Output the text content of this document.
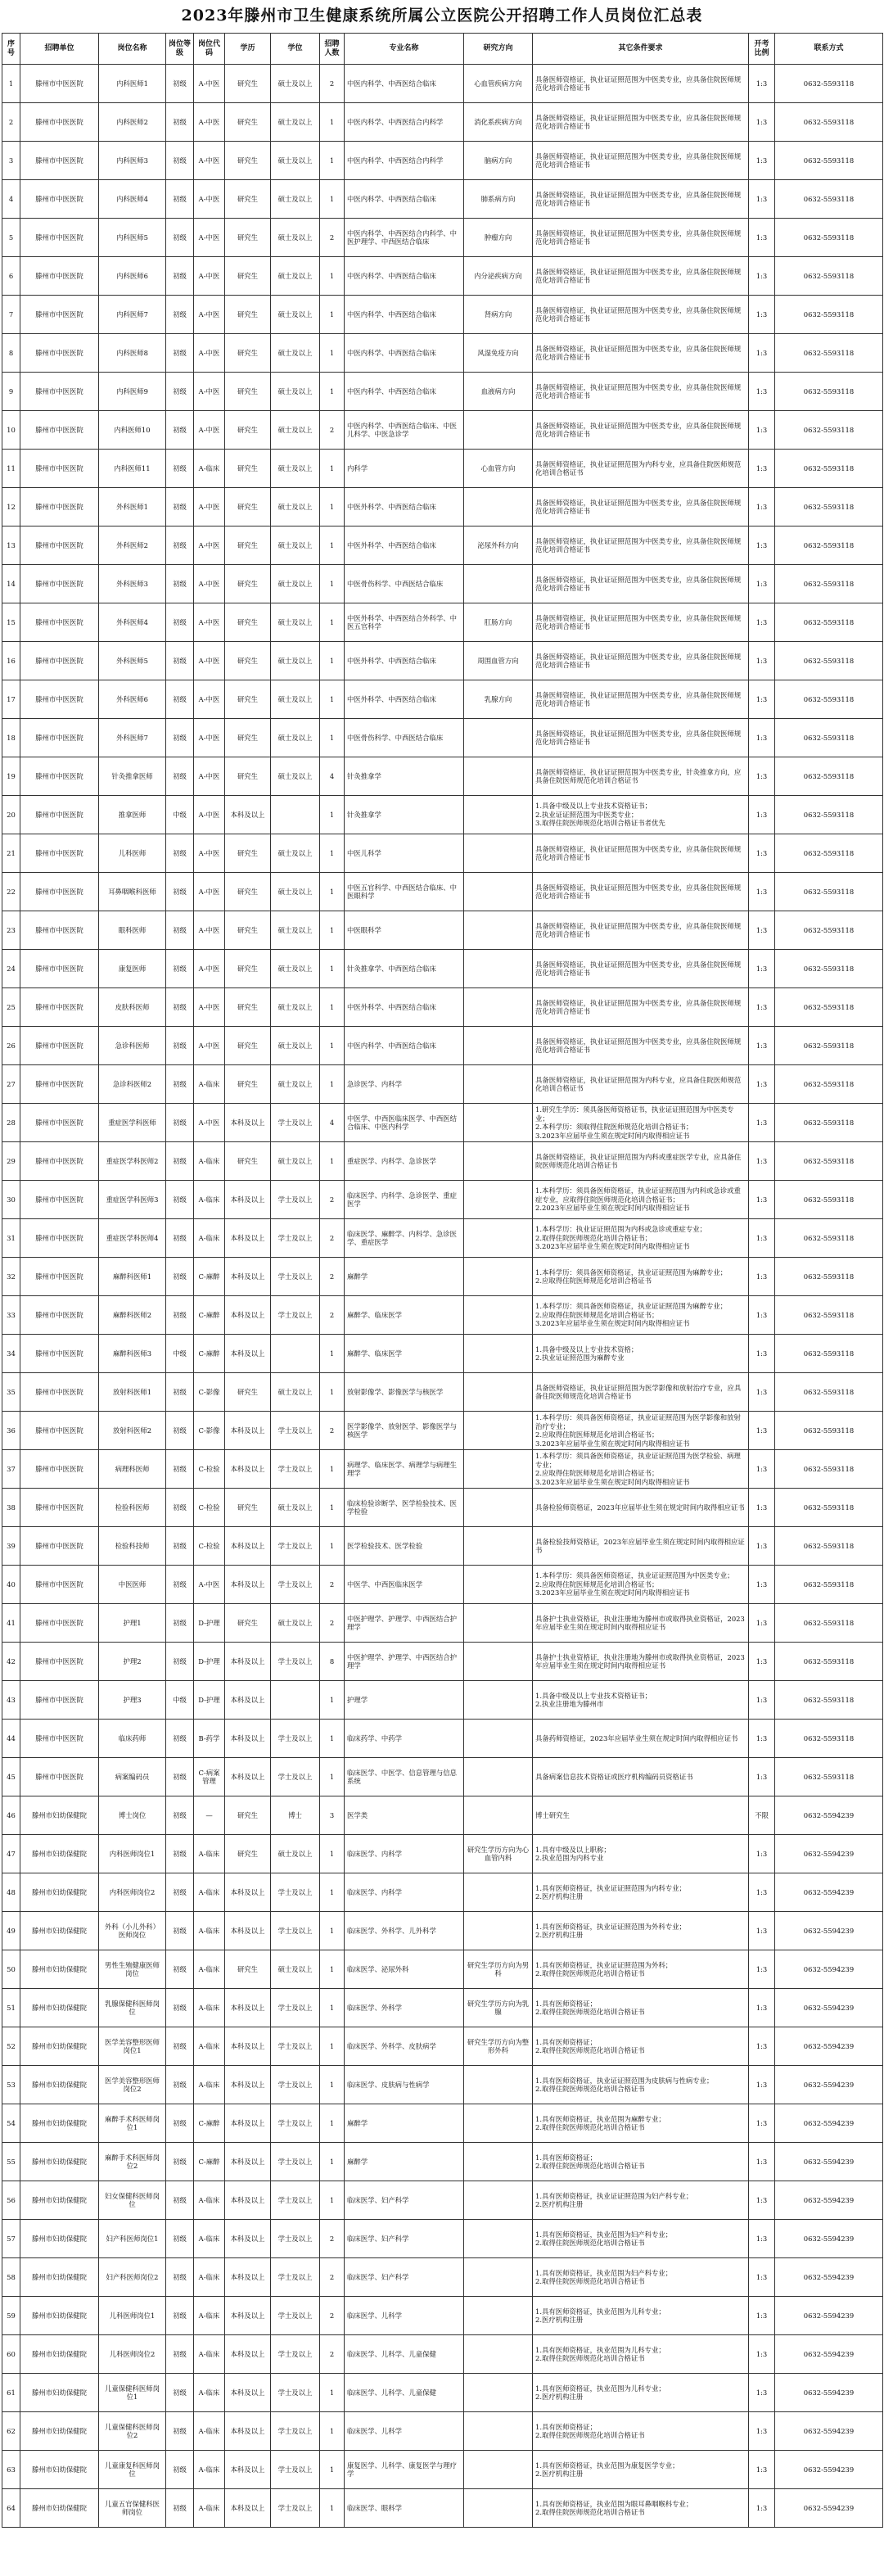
2023年滕州市卫生健康系统所属公立医院公开招聘工作人员岗位汇总表
序号	招聘单位	岗位名称	岗位等级	岗位代码	学历	学位	招聘人数	专业名称	研究方向	其它条件要求	开考比例	联系方式
1	滕州市中医医院	内科医师1	初级	A-中医	研究生	硕士及以上	2	中医内科学、中西医结合临床	心血管疾病方向	具备医师资格证，执业证证照范围为中医类专业，应具备住院医师规范化培训合格证书	1:3	0632-5593118
2	滕州市中医医院	内科医师2	初级	A-中医	研究生	硕士及以上	1	中医内科学、中西医结合内科学	消化系疾病方向	具备医师资格证，执业证证照范围为中医类专业，应具备住院医师规范化培训合格证书	1:3	0632-5593118
3	滕州市中医医院	内科医师3	初级	A-中医	研究生	硕士及以上	1	中医内科学、中西医结合内科学	脑病方向	具备医师资格证，执业证证照范围为中医类专业，应具备住院医师规范化培训合格证书	1:3	0632-5593118
4	滕州市中医医院	内科医师4	初级	A-中医	研究生	硕士及以上	1	中医内科学、中西医结合临床	肺系病方向	具备医师资格证，执业证证照范围为中医类专业，应具备住院医师规范化培训合格证书	1:3	0632-5593118
5	滕州市中医医院	内科医师5	初级	A-中医	研究生	硕士及以上	2	中医内科学、中西医结合内科学、中医护理学、中西医结合临床	肿瘤方向	具备医师资格证，执业证证照范围为中医类专业，应具备住院医师规范化培训合格证书	1:3	0632-5593118
6	滕州市中医医院	内科医师6	初级	A-中医	研究生	硕士及以上	1	中医内科学、中西医结合临床	内分泌疾病方向	具备医师资格证，执业证证照范围为中医类专业，应具备住院医师规范化培训合格证书	1:3	0632-5593118
7	滕州市中医医院	内科医师7	初级	A-中医	研究生	硕士及以上	1	中医内科学、中西医结合临床	肾病方向	具备医师资格证，执业证证照范围为中医类专业，应具备住院医师规范化培训合格证书	1:3	0632-5593118
8	滕州市中医医院	内科医师8	初级	A-中医	研究生	硕士及以上	1	中医内科学、中西医结合临床	风湿免疫方向	具备医师资格证，执业证证照范围为中医类专业，应具备住院医师规范化培训合格证书	1:3	0632-5593118
9	滕州市中医医院	内科医师9	初级	A-中医	研究生	硕士及以上	1	中医内科学、中西医结合临床	血液病方向	具备医师资格证，执业证证照范围为中医类专业，应具备住院医师规范化培训合格证书	1:3	0632-5593118
10	滕州市中医医院	内科医师10	初级	A-中医	研究生	硕士及以上	2	中医内科学、中西医结合临床、中医儿科学、中医急诊学		具备医师资格证，执业证证照范围为中医类专业，应具备住院医师规范化培训合格证书	1:3	0632-5593118
11	滕州市中医医院	内科医师11	初级	A-临床	研究生	硕士及以上	1	内科学	心血管方向	具备医师资格证，执业证证照范围为内科专业，应具备住院医师规范化培训合格证书	1:3	0632-5593118
12	滕州市中医医院	外科医师1	初级	A-中医	研究生	硕士及以上	1	中医外科学、中西医结合临床		具备医师资格证，执业证证照范围为中医类专业，应具备住院医师规范化培训合格证书	1:3	0632-5593118
13	滕州市中医医院	外科医师2	初级	A-中医	研究生	硕士及以上	1	中医外科学、中西医结合临床	泌尿外科方向	具备医师资格证，执业证证照范围为中医类专业，应具备住院医师规范化培训合格证书	1:3	0632-5593118
14	滕州市中医医院	外科医师3	初级	A-中医	研究生	硕士及以上	1	中医骨伤科学、中西医结合临床		具备医师资格证，执业证证照范围为中医类专业，应具备住院医师规范化培训合格证书	1:3	0632-5593118
15	滕州市中医医院	外科医师4	初级	A-中医	研究生	硕士及以上	1	中医外科学、中西医结合外科学、中医五官科学	肛肠方向	具备医师资格证，执业证证照范围为中医类专业，应具备住院医师规范化培训合格证书	1:3	0632-5593118
16	滕州市中医医院	外科医师5	初级	A-中医	研究生	硕士及以上	1	中医外科学、中西医结合临床	周围血管方向	具备医师资格证，执业证证照范围为中医类专业，应具备住院医师规范化培训合格证书	1:3	0632-5593118
17	滕州市中医医院	外科医师6	初级	A-中医	研究生	硕士及以上	1	中医外科学、中西医结合临床	乳腺方向	具备医师资格证，执业证证照范围为中医类专业，应具备住院医师规范化培训合格证书	1:3	0632-5593118
18	滕州市中医医院	外科医师7	初级	A-中医	研究生	硕士及以上	1	中医骨伤科学、中西医结合临床		具备医师资格证，执业证证照范围为中医类专业，应具备住院医师规范化培训合格证书	1:3	0632-5593118
19	滕州市中医医院	针灸推拿医师	初级	A-中医	研究生	硕士及以上	4	针灸推拿学		具备医师资格证，执业证证照范围为中医类专业，针灸推拿方向，应具备住院医师规范化培训合格证书	1:3	0632-5593118
20	滕州市中医医院	推拿医师	中级	A-中医	本科及以上		1	针灸推拿学		1.具备中级及以上专业技术资格证书；
2.执业证证照范围为中医类专业；
3.取得住院医师规范化培训合格证书者优先	1:3	0632-5593118
21	滕州市中医医院	儿科医师	初级	A-中医	研究生	硕士及以上	1	中医儿科学		具备医师资格证，执业证证照范围为中医类专业，应具备住院医师规范化培训合格证书	1:3	0632-5593118
22	滕州市中医医院	耳鼻咽喉科医师	初级	A-中医	研究生	硕士及以上	1	中医五官科学、中西医结合临床、中医眼科学		具备医师资格证，执业证证照范围为中医类专业，应具备住院医师规范化培训合格证书	1:3	0632-5593118
23	滕州市中医医院	眼科医师	初级	A-中医	研究生	硕士及以上	1	中医眼科学		具备医师资格证，执业证证照范围为中医类专业，应具备住院医师规范化培训合格证书	1:3	0632-5593118
24	滕州市中医医院	康复医师	初级	A-中医	研究生	硕士及以上	1	针灸推拿学、中西医结合临床		具备医师资格证，执业证证照范围为中医类专业，应具备住院医师规范化培训合格证书	1:3	0632-5593118
25	滕州市中医医院	皮肤科医师	初级	A-中医	研究生	硕士及以上	1	中医外科学、中西医结合临床		具备医师资格证，执业证证照范围为中医类专业，应具备住院医师规范化培训合格证书	1:3	0632-5593118
26	滕州市中医医院	急诊科医师	初级	A-中医	研究生	硕士及以上	1	中医内科学、中西医结合临床		具备医师资格证，执业证证照范围为中医类专业，应具备住院医师规范化培训合格证书	1:3	0632-5593118
27	滕州市中医医院	急诊科医师2	初级	A-临床	研究生	硕士及以上	1	急诊医学、内科学		具备医师资格证，执业证证照范围为内科专业，应具备住院医师规范化培训合格证书	1:3	0632-5593118
28	滕州市中医医院	重症医学科医师	初级	A-中医	本科及以上	学士及以上	4	中医学、中西医临床医学、中西医结合临床、中医内科学		1.研究生学历：须具备医师资格证书，执业证证照范围为中医类专业；
2.本科学历：须取得住院医师规范化培训合格证书；
3.2023年应届毕业生须在规定时间内取得相应证书	1:3	0632-5593118
29	滕州市中医医院	重症医学科医师2	初级	A-临床	研究生	硕士及以上	1	重症医学、内科学、急诊医学		具备医师资格证，执业证证照范围为内科或重症医学专业，应具备住院医师规范化培训合格证书	1:3	0632-5593118
30	滕州市中医医院	重症医学科医师3	初级	A-临床	本科及以上	学士及以上	2	临床医学、内科学、急诊医学、重症医学		1.本科学历：须具备医师资格证，执业证证照范围为内科或急诊或重症专业，应取得住院医师规范化培训合格证书；
2.2023年应届毕业生须在规定时间内取得相应证书	1:3	0632-5593118
31	滕州市中医医院	重症医学科医师4	初级	A-临床	本科及以上	学士及以上	2	临床医学、麻醉学、内科学、急诊医学、重症医学		1.本科学历：执业证证照范围为内科或急诊或重症专业；
2.取得住院医师规范化培训合格证书；
3.2023年应届毕业生须在规定时间内取得相应证书	1:3	0632-5593118
32	滕州市中医医院	麻醉科医师1	初级	C-麻醉	本科及以上	学士及以上	2	麻醉学		1.本科学历：须具备医师资格证，执业证证照范围为麻醉专业；
2.应取得住院医师规范化培训合格证书	1:3	0632-5593118
33	滕州市中医医院	麻醉科医师2	初级	C-麻醉	本科及以上	学士及以上	2	麻醉学、临床医学		1.本科学历：须具备医师资格证，执业证证照范围为麻醉专业；
2.应取得住院医师规范化培训合格证书；
3.2023年应届毕业生须在规定时间内取得相应证书	1:3	0632-5593118
34	滕州市中医医院	麻醉科医师3	中级	C-麻醉	本科及以上		1	麻醉学、临床医学		1.具备中级及以上专业技术资格；
2.执业证证照范围为麻醉专业	1:3	0632-5593118
35	滕州市中医医院	放射科医师1	初级	C-影像	研究生	硕士及以上	1	放射影像学、影像医学与核医学		具备医师资格证，执业证证照范围为医学影像和放射治疗专业，应具备住院医师规范化培训合格证书	1:3	0632-5593118
36	滕州市中医医院	放射科医师2	初级	C-影像	本科及以上	学士及以上	2	医学影像学、放射医学、影像医学与核医学		1.本科学历：须具备医师资格证，执业证证照范围为医学影像和放射治疗专业；
2.应取得住院医师规范化培训合格证书；
3.2023年应届毕业生须在规定时间内取得相应证书	1:3	0632-5593118
37	滕州市中医医院	病理科医师	初级	C-检验	本科及以上	学士及以上	1	病理学、临床医学、病理学与病理生理学		1.本科学历：须具备医师资格证，执业证证照范围为医学检验、病理专业；
2.应取得住院医师规范化培训合格证书；
3.2023年应届毕业生须在规定时间内取得相应证书	1:3	0632-5593118
38	滕州市中医医院	检验科医师	初级	C-检验	研究生	硕士及以上	1	临床检验诊断学、医学检验技术、医学检验		具备检验师资格证，2023年应届毕业生须在规定时间内取得相应证书	1:3	0632-5593118
39	滕州市中医医院	检验科技师	初级	C-检验	本科及以上	学士及以上	1	医学检验技术、医学检验		具备检验技师资格证，2023年应届毕业生须在规定时间内取得相应证书	1:3	0632-5593118
40	滕州市中医医院	中医医师	初级	A-中医	本科及以上	学士及以上	2	中医学、中西医临床医学		1.本科学历：须具备医师资格证，执业证证照范围为中医类专业；
2.应取得住院医师规范化培训合格证书；
3.2023年应届毕业生须在规定时间内取得相应证书	1:3	0632-5593118
41	滕州市中医医院	护理1	初级	D-护理	研究生	硕士及以上	2	中医护理学、护理学、中西医结合护理学		具备护士执业资格证，执业注册地为滕州市或取得执业资格证，2023年应届毕业生须在规定时间内取得相应证书	1:3	0632-5593118
42	滕州市中医医院	护理2	初级	D-护理	本科及以上	学士及以上	8	中医护理学、护理学、中西医结合护理学		具备护士执业资格证，执业注册地为滕州市或取得执业资格证，2023年应届毕业生须在规定时间内取得相应证书	1:3	0632-5593118
43	滕州市中医医院	护理3	中级	D-护理	本科及以上		1	护理学		1.具备中级及以上专业技术资格证书；
2.执业注册地为滕州市	1:3	0632-5593118
44	滕州市中医医院	临床药师	初级	B-药学	本科及以上	学士及以上	1	临床药学、中药学		具备药师资格证，2023年应届毕业生须在规定时间内取得相应证书	1:3	0632-5593118
45	滕州市中医医院	病案编码员	初级	C-病案管理	本科及以上	学士及以上	1	临床医学、中医学、信息管理与信息系统		具备病案信息技术资格证或医疗机构编码员资格证书	1:3	0632-5593118
46	滕州市妇幼保健院	博士岗位	初级	—	研究生	博士	3	医学类		博士研究生	不限	0632-5594239
47	滕州市妇幼保健院	内科医师岗位1	初级	A-临床	研究生	硕士及以上	1	临床医学、内科学	研究生学历方向为心血管内科	1.具有中级及以上职称；
2.执业范围为内科专业	1:3	0632-5594239
48	滕州市妇幼保健院	内科医师岗位2	初级	A-临床	本科及以上	学士及以上	1	临床医学、内科学		1.具有医师资格证，执业证证照范围为内科专业；
2.医疗机构注册	1:3	0632-5594239
49	滕州市妇幼保健院	外科（小儿外科）医师岗位	初级	A-临床	本科及以上	学士及以上	1	临床医学、外科学、儿外科学		1.具有医师资格证，执业证证照范围为外科专业；
2.医疗机构注册	1:3	0632-5594239
50	滕州市妇幼保健院	男性生殖健康医师岗位	初级	A-临床	研究生	硕士及以上	1	临床医学、泌尿外科	研究生学历方向为男科	1.具有医师资格证，执业证证照范围为外科；
2.取得住院医师规范化培训合格证书	1:3	0632-5594239
51	滕州市妇幼保健院	乳腺保健科医师岗位	初级	A-临床	本科及以上	学士及以上	1	临床医学、外科学	研究生学历方向为乳腺	1.具有医师资格证；
2.取得住院医师规范化培训合格证书	1:3	0632-5594239
52	滕州市妇幼保健院	医学美容整形医师岗位1	初级	A-临床	本科及以上	学士及以上	1	临床医学、外科学、皮肤病学	研究生学历方向为整形外科	1.具有医师资格证；
2.取得住院医师规范化培训合格证书	1:3	0632-5594239
53	滕州市妇幼保健院	医学美容整形医师岗位2	初级	A-临床	本科及以上	学士及以上	1	临床医学、皮肤病与性病学		1.具有医师资格证，执业证证照范围为皮肤病与性病专业；
2.取得住院医师规范化培训合格证书	1:3	0632-5594239
54	滕州市妇幼保健院	麻醉手术科医师岗位1	初级	C-麻醉	本科及以上	学士及以上	1	麻醉学		1.具有医师资格证，执业范围为麻醉专业；
2.取得住院医师规范化培训合格证书	1:3	0632-5594239
55	滕州市妇幼保健院	麻醉手术科医师岗位2	初级	C-麻醉	本科及以上	学士及以上	1	麻醉学		1.具有医师资格证；
2.取得住院医师规范化培训合格证书	1:3	0632-5594239
56	滕州市妇幼保健院	妇女保健科医师岗位	初级	A-临床	本科及以上	学士及以上	1	临床医学、妇产科学		1.具有医师资格证，执业证证照范围为妇产科专业；
2.医疗机构注册	1:3	0632-5594239
57	滕州市妇幼保健院	妇产科医师岗位1	初级	A-临床	本科及以上	学士及以上	2	临床医学、妇产科学		1.具有医师资格证，执业范围为妇产科专业；
2.取得住院医师规范化培训合格证书	1:3	0632-5594239
58	滕州市妇幼保健院	妇产科医师岗位2	初级	A-临床	本科及以上	学士及以上	2	临床医学、妇产科学		1.具有医师资格证，执业范围为妇产科专业；
2.取得住院医师规范化培训合格证书	1:3	0632-5594239
59	滕州市妇幼保健院	儿科医师岗位1	初级	A-临床	本科及以上	学士及以上	2	临床医学、儿科学		1.具有医师资格证，执业范围为儿科专业；
2.医疗机构注册	1:3	0632-5594239
60	滕州市妇幼保健院	儿科医师岗位2	初级	A-临床	本科及以上	学士及以上	2	临床医学、儿科学、儿童保健		1.具有医师资格证，执业范围为儿科专业；
2.取得住院医师规范化培训合格证书	1:3	0632-5594239
61	滕州市妇幼保健院	儿童保健科医师岗位1	初级	A-临床	本科及以上	学士及以上	1	临床医学、儿科学、儿童保健		1.具有医师资格证，执业范围为儿科专业；
2.医疗机构注册	1:3	0632-5594239
62	滕州市妇幼保健院	儿童保健科医师岗位2	初级	A-临床	本科及以上	学士及以上	1	临床医学、儿科学		1.具有医师资格证；
2.取得住院医师规范化培训合格证书	1:3	0632-5594239
63	滕州市妇幼保健院	儿童康复科医师岗位	初级	A-临床	本科及以上	学士及以上	1	康复医学、儿科学、康复医学与理疗学		1.具有医师资格证，执业范围为康复医学专业；
2.医疗机构注册	1:3	0632-5594239
64	滕州市妇幼保健院	儿童五官保健科医师岗位	初级	A-临床	本科及以上	学士及以上	1	临床医学、眼科学		1.具有医师资格证，执业范围为眼耳鼻咽喉科专业；
2.取得住院医师规范化培训合格证书	1:3	0632-5594239
